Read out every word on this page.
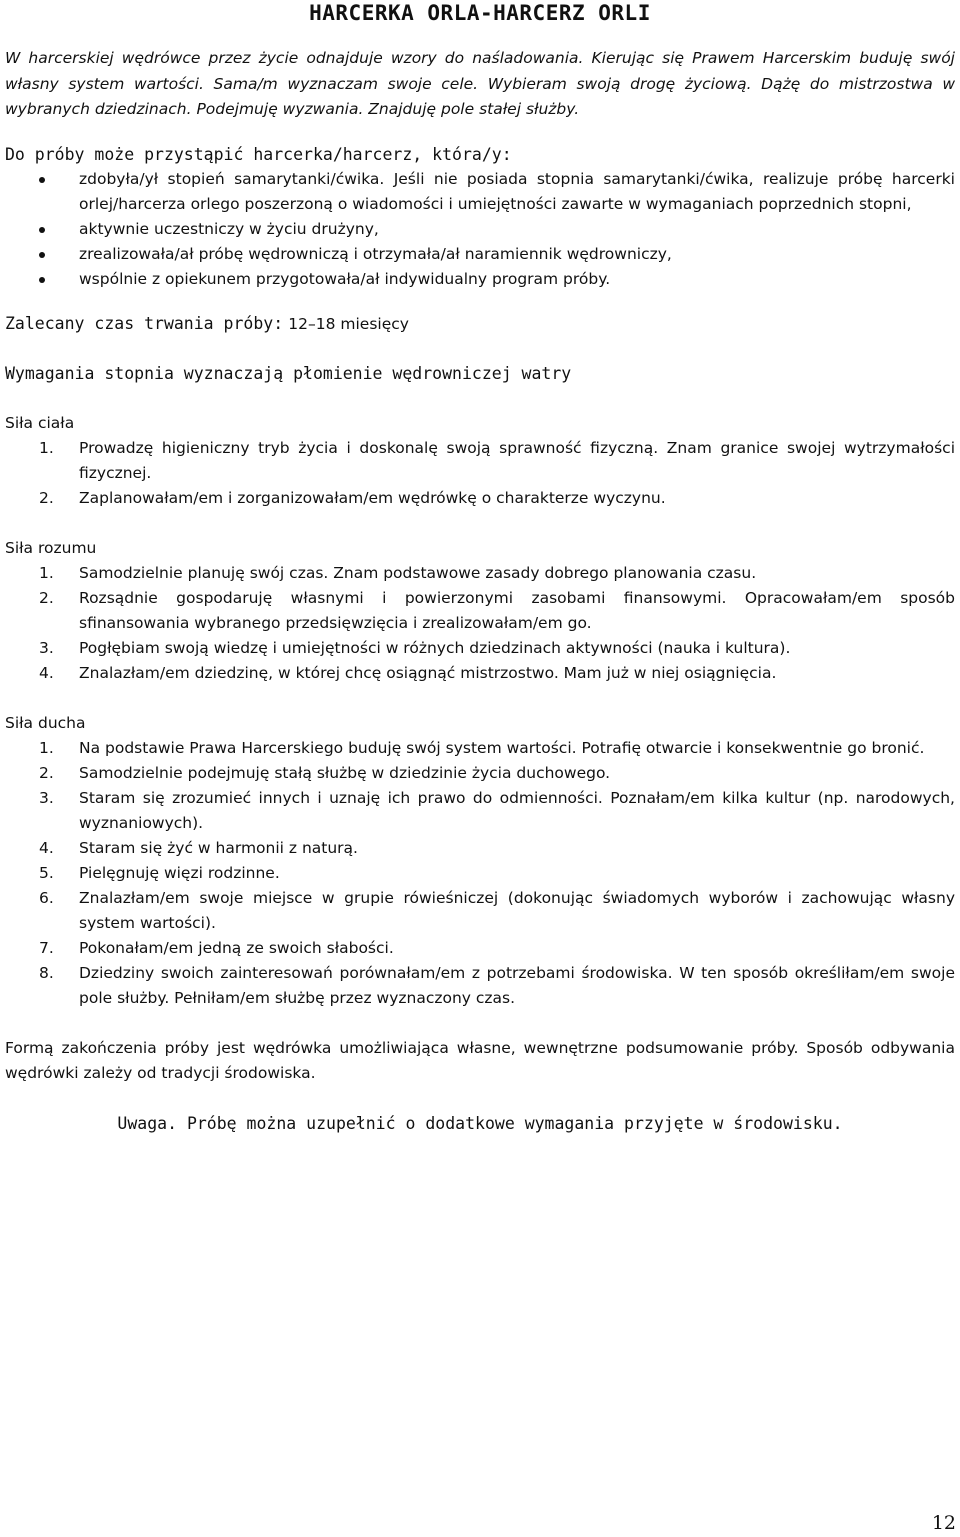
HARCERKA ORLA-HARCERZ ORLI

W harcerskiej wędrówce przez życie odnajduje wzory do naśladowania. Kierując się Prawem Harcerskim buduję swój własny system wartości. Sama/m wyznaczam swoje cele. Wybieram swoją drogę życiową. Dążę do mistrzostwa w wybranych dziedzinach. Podejmuję wyzwania. Znajduję pole stałej służby.

Do próby może przystąpić harcerka/harcerz, która/y:

zdobyła/ył stopień samarytanki/ćwika. Jeśli nie posiada stopnia samarytanki/ćwika, realizuje próbę harcerki orlej/harcerza orlego poszerzoną o wiadomości i umiejętności zawarte w wymaganiach poprzednich stopni,
aktywnie uczestniczy w życiu drużyny,
zrealizowała/ał próbę wędrowniczą i otrzymała/ał naramiennik wędrowniczy,
wspólnie z opiekunem przygotowała/ał indywidualny program próby.

Zalecany czas trwania próby: 12–18 miesięcy

Wymagania stopnia wyznaczają płomienie wędrowniczej watry

Siła ciała

1. Prowadzę higieniczny tryb życia i doskonalę swoją sprawność fizyczną. Znam granice swojej wytrzymałości fizycznej.
2. Zaplanowałam/em i zorganizowałam/em wędrówkę o charakterze wyczynu.

Siła rozumu

1. Samodzielnie planuję swój czas. Znam podstawowe zasady dobrego planowania czasu.
2. Rozsądnie gospodaruję własnymi i powierzonymi zasobami finansowymi. Opracowałam/em sposób sfinansowania wybranego przedsięwzięcia i zrealizowałam/em go.
3. Pogłębiam swoją wiedzę i umiejętności w różnych dziedzinach aktywności (nauka i kultura).
4. Znalazłam/em dziedzinę, w której chcę osiągnąć mistrzostwo. Mam już w niej osiągnięcia.

Siła ducha

1. Na podstawie Prawa Harcerskiego buduję swój system wartości. Potrafię otwarcie i konsekwentnie go bronić.
2. Samodzielnie podejmuję stałą służbę w dziedzinie życia duchowego.
3. Staram się zrozumieć innych i uznaję ich prawo do odmienności. Poznałam/em kilka kultur (np. narodowych, wyznaniowych).
4. Staram się żyć w harmonii z naturą.
5. Pielęgnuję więzi rodzinne.
6. Znalazłam/em swoje miejsce w grupie rówieśniczej (dokonując świadomych wyborów i zachowując własny system wartości).
7. Pokonałam/em jedną ze swoich słabości.
8. Dziedziny swoich zainteresowań porównałam/em z potrzebami środowiska. W ten sposób określiłam/em swoje pole służby. Pełniłam/em służbę przez wyznaczony czas.

Formą zakończenia próby jest wędrówka umożliwiająca własne, wewnętrzne podsumowanie próby. Sposób odbywania wędrówki zależy od tradycji środowiska.

Uwaga. Próbę można uzupełnić o dodatkowe wymagania przyjęte w środowisku.

12
